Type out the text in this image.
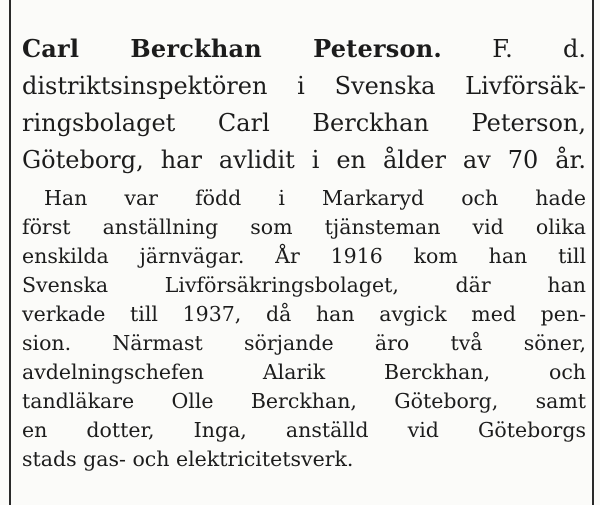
Carl Berckhan Peterson. F. d.
distriktsinspektören i Svenska Livförsäk-
ringsbolaget Carl Berckhan Peterson,
Göteborg, har avlidit i en ålder av 70 år.
Han var född i Markaryd och hade
först anställning som tjänsteman vid olika
enskilda järnvägar. År 1916 kom han till
Svenska Livförsäkringsbolaget, där han
verkade till 1937, då han avgick med pen-
sion. Närmast sörjande äro två söner,
avdelningschefen Alarik Berckhan, och
tandläkare Olle Berckhan, Göteborg, samt
en dotter, Inga, anställd vid Göteborgs
stads gas- och elektricitetsverk.
